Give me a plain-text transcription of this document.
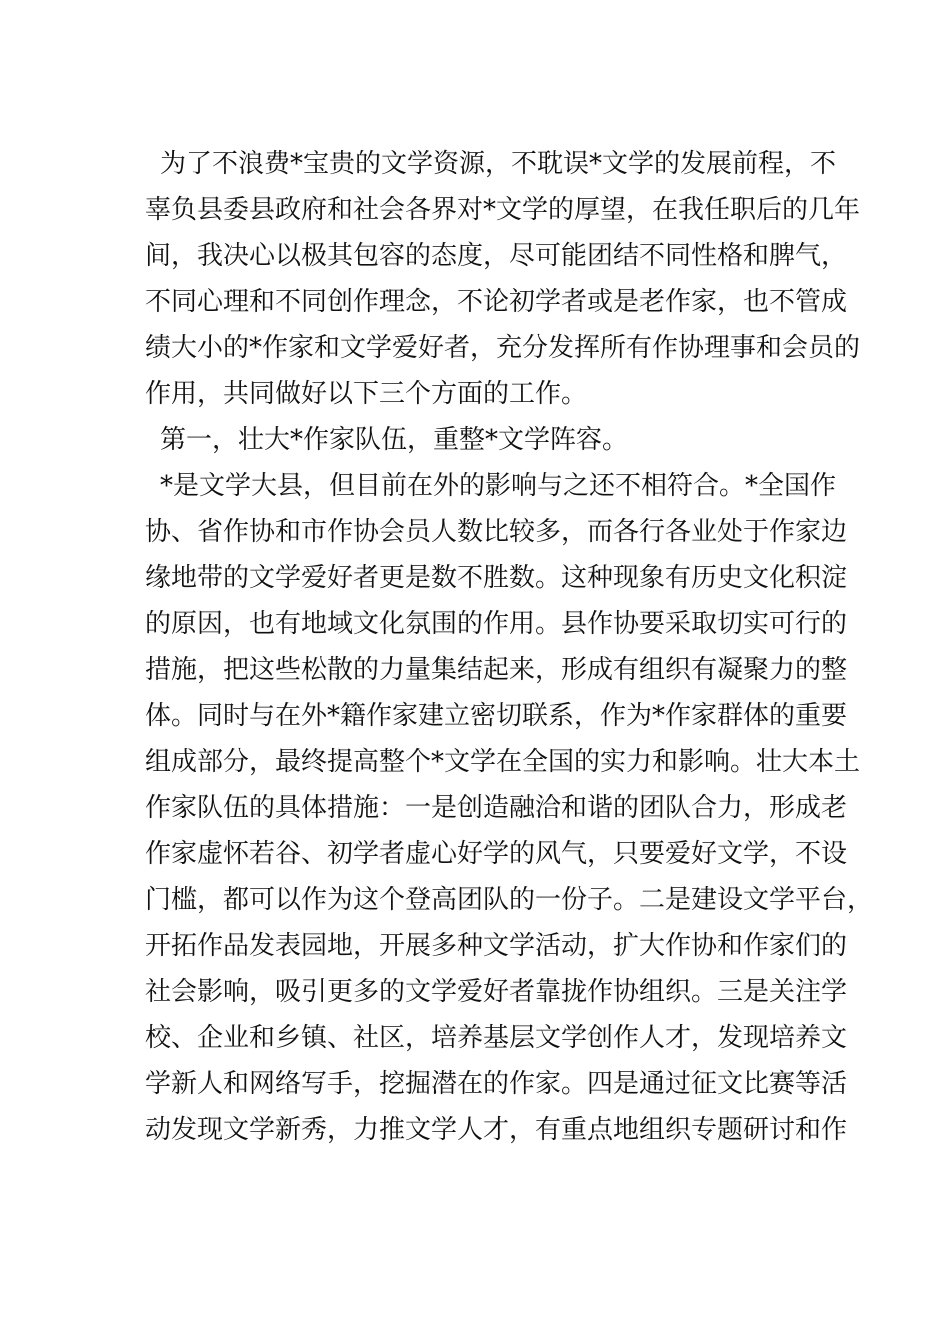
为了不浪费*宝贵的文学资源，不耽误*文学的发展前程，不
辜负县委县政府和社会各界对*文学的厚望，在我任职后的几年
间，我决心以极其包容的态度，尽可能团结不同性格和脾气，
不同心理和不同创作理念，不论初学者或是老作家，也不管成
绩大小的*作家和文学爱好者，充分发挥所有作协理事和会员的
作用，共同做好以下三个方面的工作。
第一，壮大*作家队伍，重整*文学阵容。
*是文学大县，但目前在外的影响与之还不相符合。*全国作
协、省作协和市作协会员人数比较多，而各行各业处于作家边
缘地带的文学爱好者更是数不胜数。这种现象有历史文化积淀
的原因，也有地域文化氛围的作用。县作协要采取切实可行的
措施，把这些松散的力量集结起来，形成有组织有凝聚力的整
体。同时与在外*籍作家建立密切联系，作为*作家群体的重要
组成部分，最终提高整个*文学在全国的实力和影响。壮大本土
作家队伍的具体措施：一是创造融洽和谐的团队合力，形成老
作家虚怀若谷、初学者虚心好学的风气，只要爱好文学，不设
门槛，都可以作为这个登高团队的一份子。二是建设文学平台，
开拓作品发表园地，开展多种文学活动，扩大作协和作家们的
社会影响，吸引更多的文学爱好者靠拢作协组织。三是关注学
校、企业和乡镇、社区，培养基层文学创作人才，发现培养文
学新人和网络写手，挖掘潜在的作家。四是通过征文比赛等活
动发现文学新秀，力推文学人才，有重点地组织专题研讨和作
